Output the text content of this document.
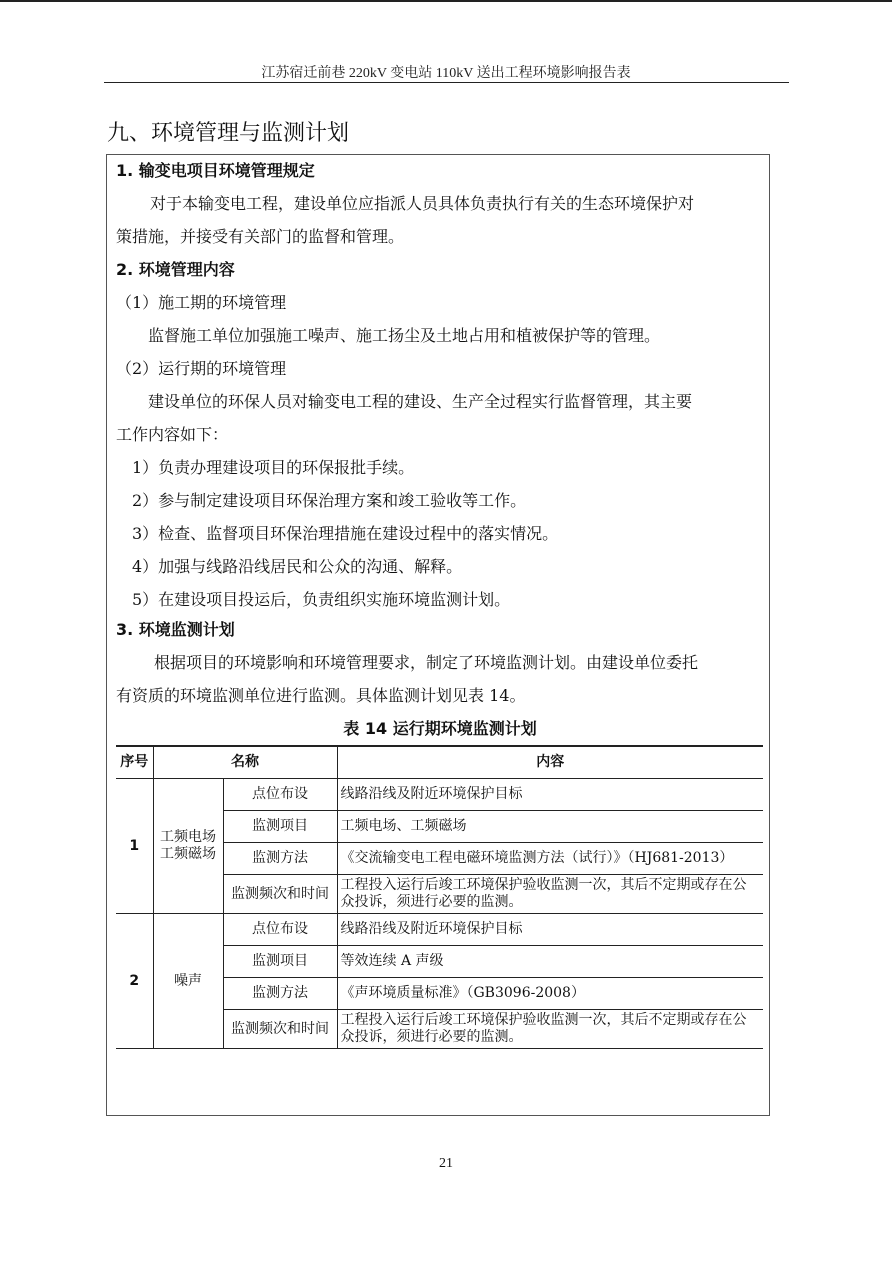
江苏宿迁前巷 220kV 变电站 110kV 送出工程环境影响报告表
九、环境管理与监测计划
1. 输变电项目环境管理规定
对于本输变电工程，建设单位应指派人员具体负责执行有关的生态环境保护对
策措施，并接受有关部门的监督和管理。
2. 环境管理内容
（1）施工期的环境管理
监督施工单位加强施工噪声、施工扬尘及土地占用和植被保护等的管理。
（2）运行期的环境管理
建设单位的环保人员对输变电工程的建设、生产全过程实行监督管理，其主要
工作内容如下：
1）负责办理建设项目的环保报批手续。
2）参与制定建设项目环保治理方案和竣工验收等工作。
3）检查、监督项目环保治理措施在建设过程中的落实情况。
4）加强与线路沿线居民和公众的沟通、解释。
5）在建设项目投运后，负责组织实施环境监测计划。
3. 环境监测计划
根据项目的环境影响和环境管理要求，制定了环境监测计划。由建设单位委托
有资质的环境监测单位进行监测。具体监测计划见表 14。
表 14 运行期环境监测计划
序号	名称		内容
1	工频电场
工频磁场	点位布设	线路沿线及附近环境保护目标
		监测项目	工频电场、工频磁场
		监测方法	《交流输变电工程电磁环境监测方法（试行）》（HJ681-2013）
		监测频次和时间	工程投入运行后竣工环境保护验收监测一次，其后不定期或存在公众投诉，须进行必要的监测。
2	噪声	点位布设	线路沿线及附近环境保护目标
		监测项目	等效连续 A 声级
		监测方法	《声环境质量标准》（GB3096-2008）
		监测频次和时间	工程投入运行后竣工环境保护验收监测一次，其后不定期或存在公众投诉，须进行必要的监测。
21
